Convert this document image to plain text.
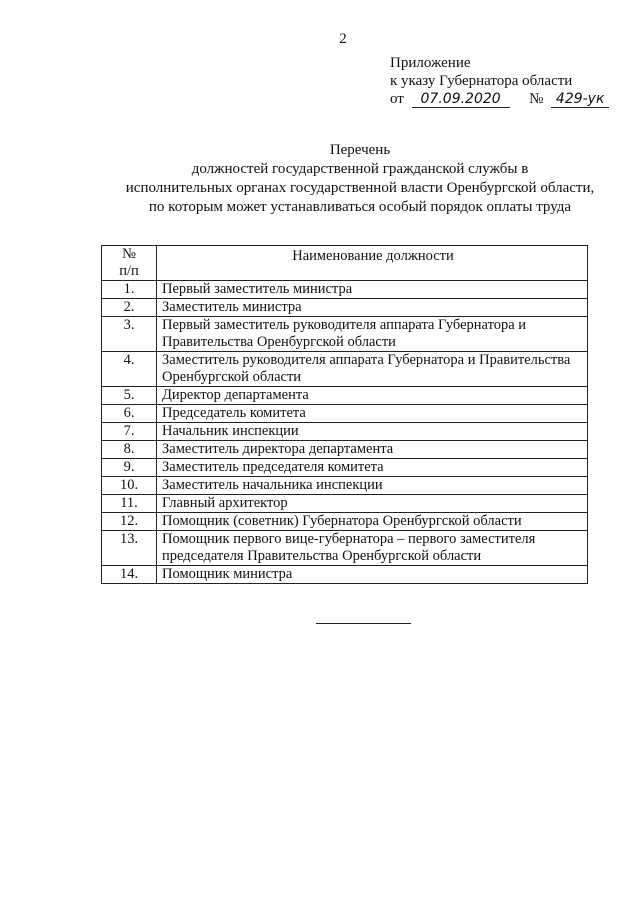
2
Приложение
к указу Губернатора области
от 07.09.2020 № 429-ук
Перечень
должностей государственной гражданской службы в
исполнительных органах государственной власти Оренбургской области,
по которым может устанавливаться особый порядок оплаты труда
№
п/п	Наименование должности
1.	Первый заместитель министра
2.	Заместитель министра
3.	Первый заместитель руководителя аппарата Губернатора и Правительства Оренбургской области
4.	Заместитель руководителя аппарата Губернатора и Правительства Оренбургской области
5.	Директор департамента
6.	Председатель комитета
7.	Начальник инспекции
8.	Заместитель директора департамента
9.	Заместитель председателя комитета
10.	Заместитель начальника инспекции
11.	Главный архитектор
12.	Помощник (советник) Губернатора Оренбургской области
13.	Помощник первого вице-губернатора – первого заместителя председателя Правительства Оренбургской области
14.	Помощник министра
